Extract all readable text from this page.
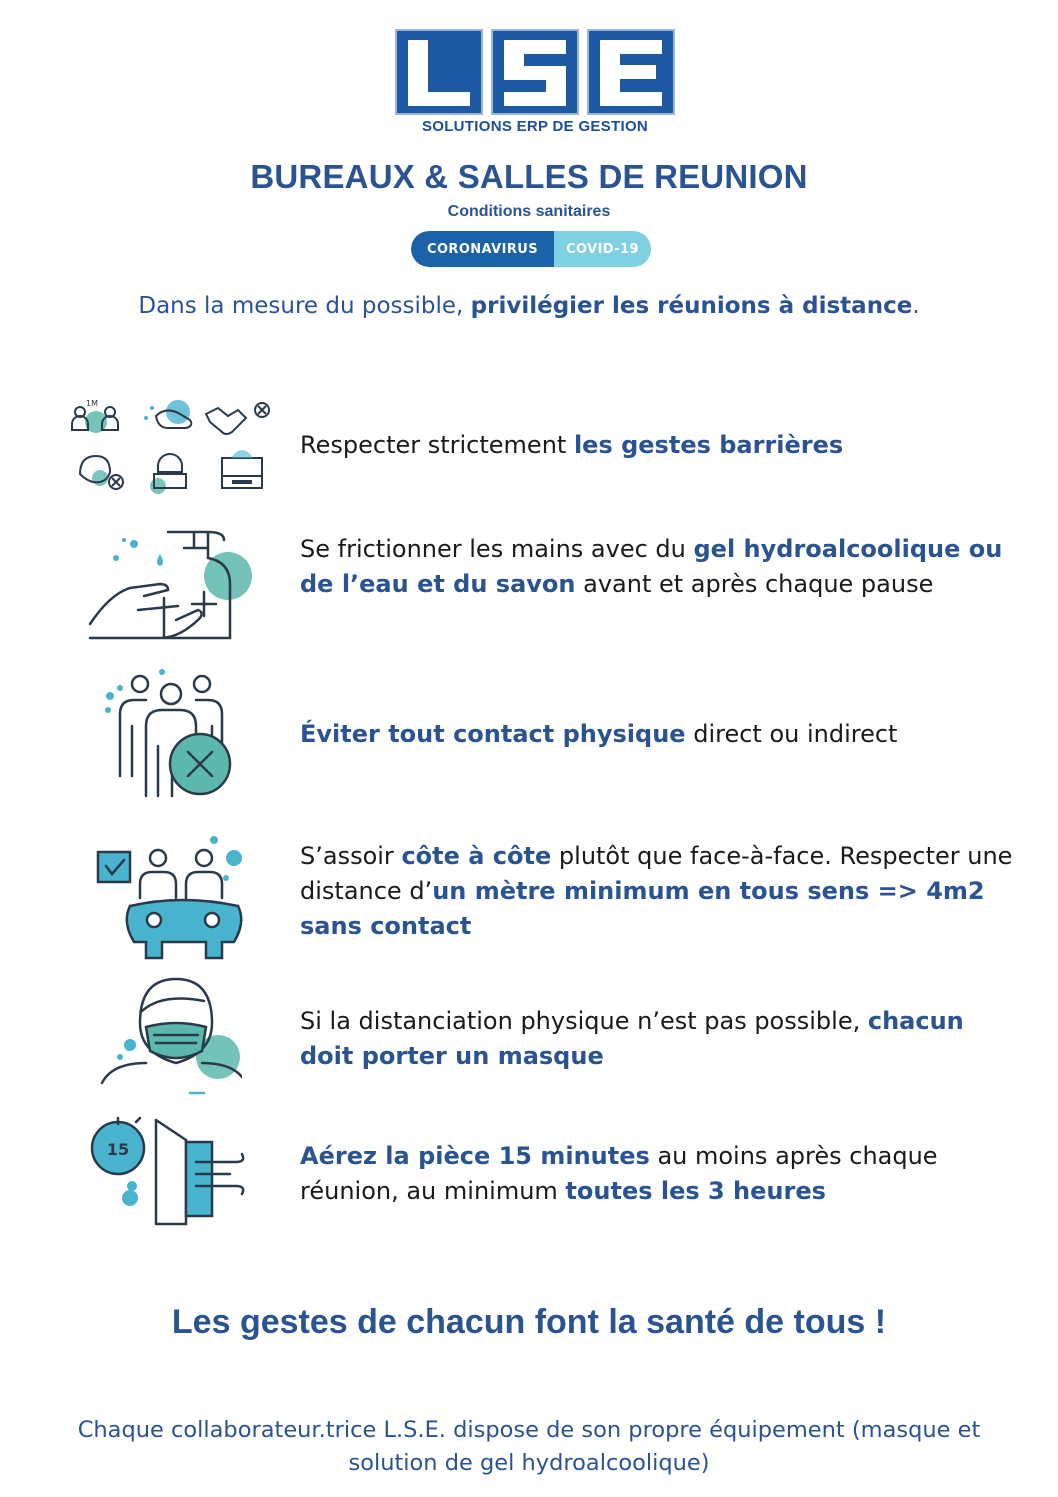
SOLUTIONS ERP DE GESTION
BUREAUX & SALLES DE REUNION
Conditions sanitaires
CORONAVIRUS	COVID-19
Dans la mesure du possible, privilégier les réunions à distance.
1M
Respecter strictement les gestes barrières
Se frictionner les mains avec du gel hydroalcoolique ou de l’eau et du savon avant et après chaque pause
Éviter tout contact physique direct ou indirect
S’assoir côte à côte plutôt que face-à-face. Respecter une distance d’un mètre minimum en tous sens => 4m2 sans contact
Si la distanciation physique n’est pas possible, chacun doit porter un masque
15	Aérez la pièce 15 minutes au moins après chaque réunion, au minimum toutes les 3 heures
Les gestes de chacun font la santé de tous !
Chaque collaborateur.trice L.S.E. dispose de son propre équipement (masque et solution de gel hydroalcoolique)
